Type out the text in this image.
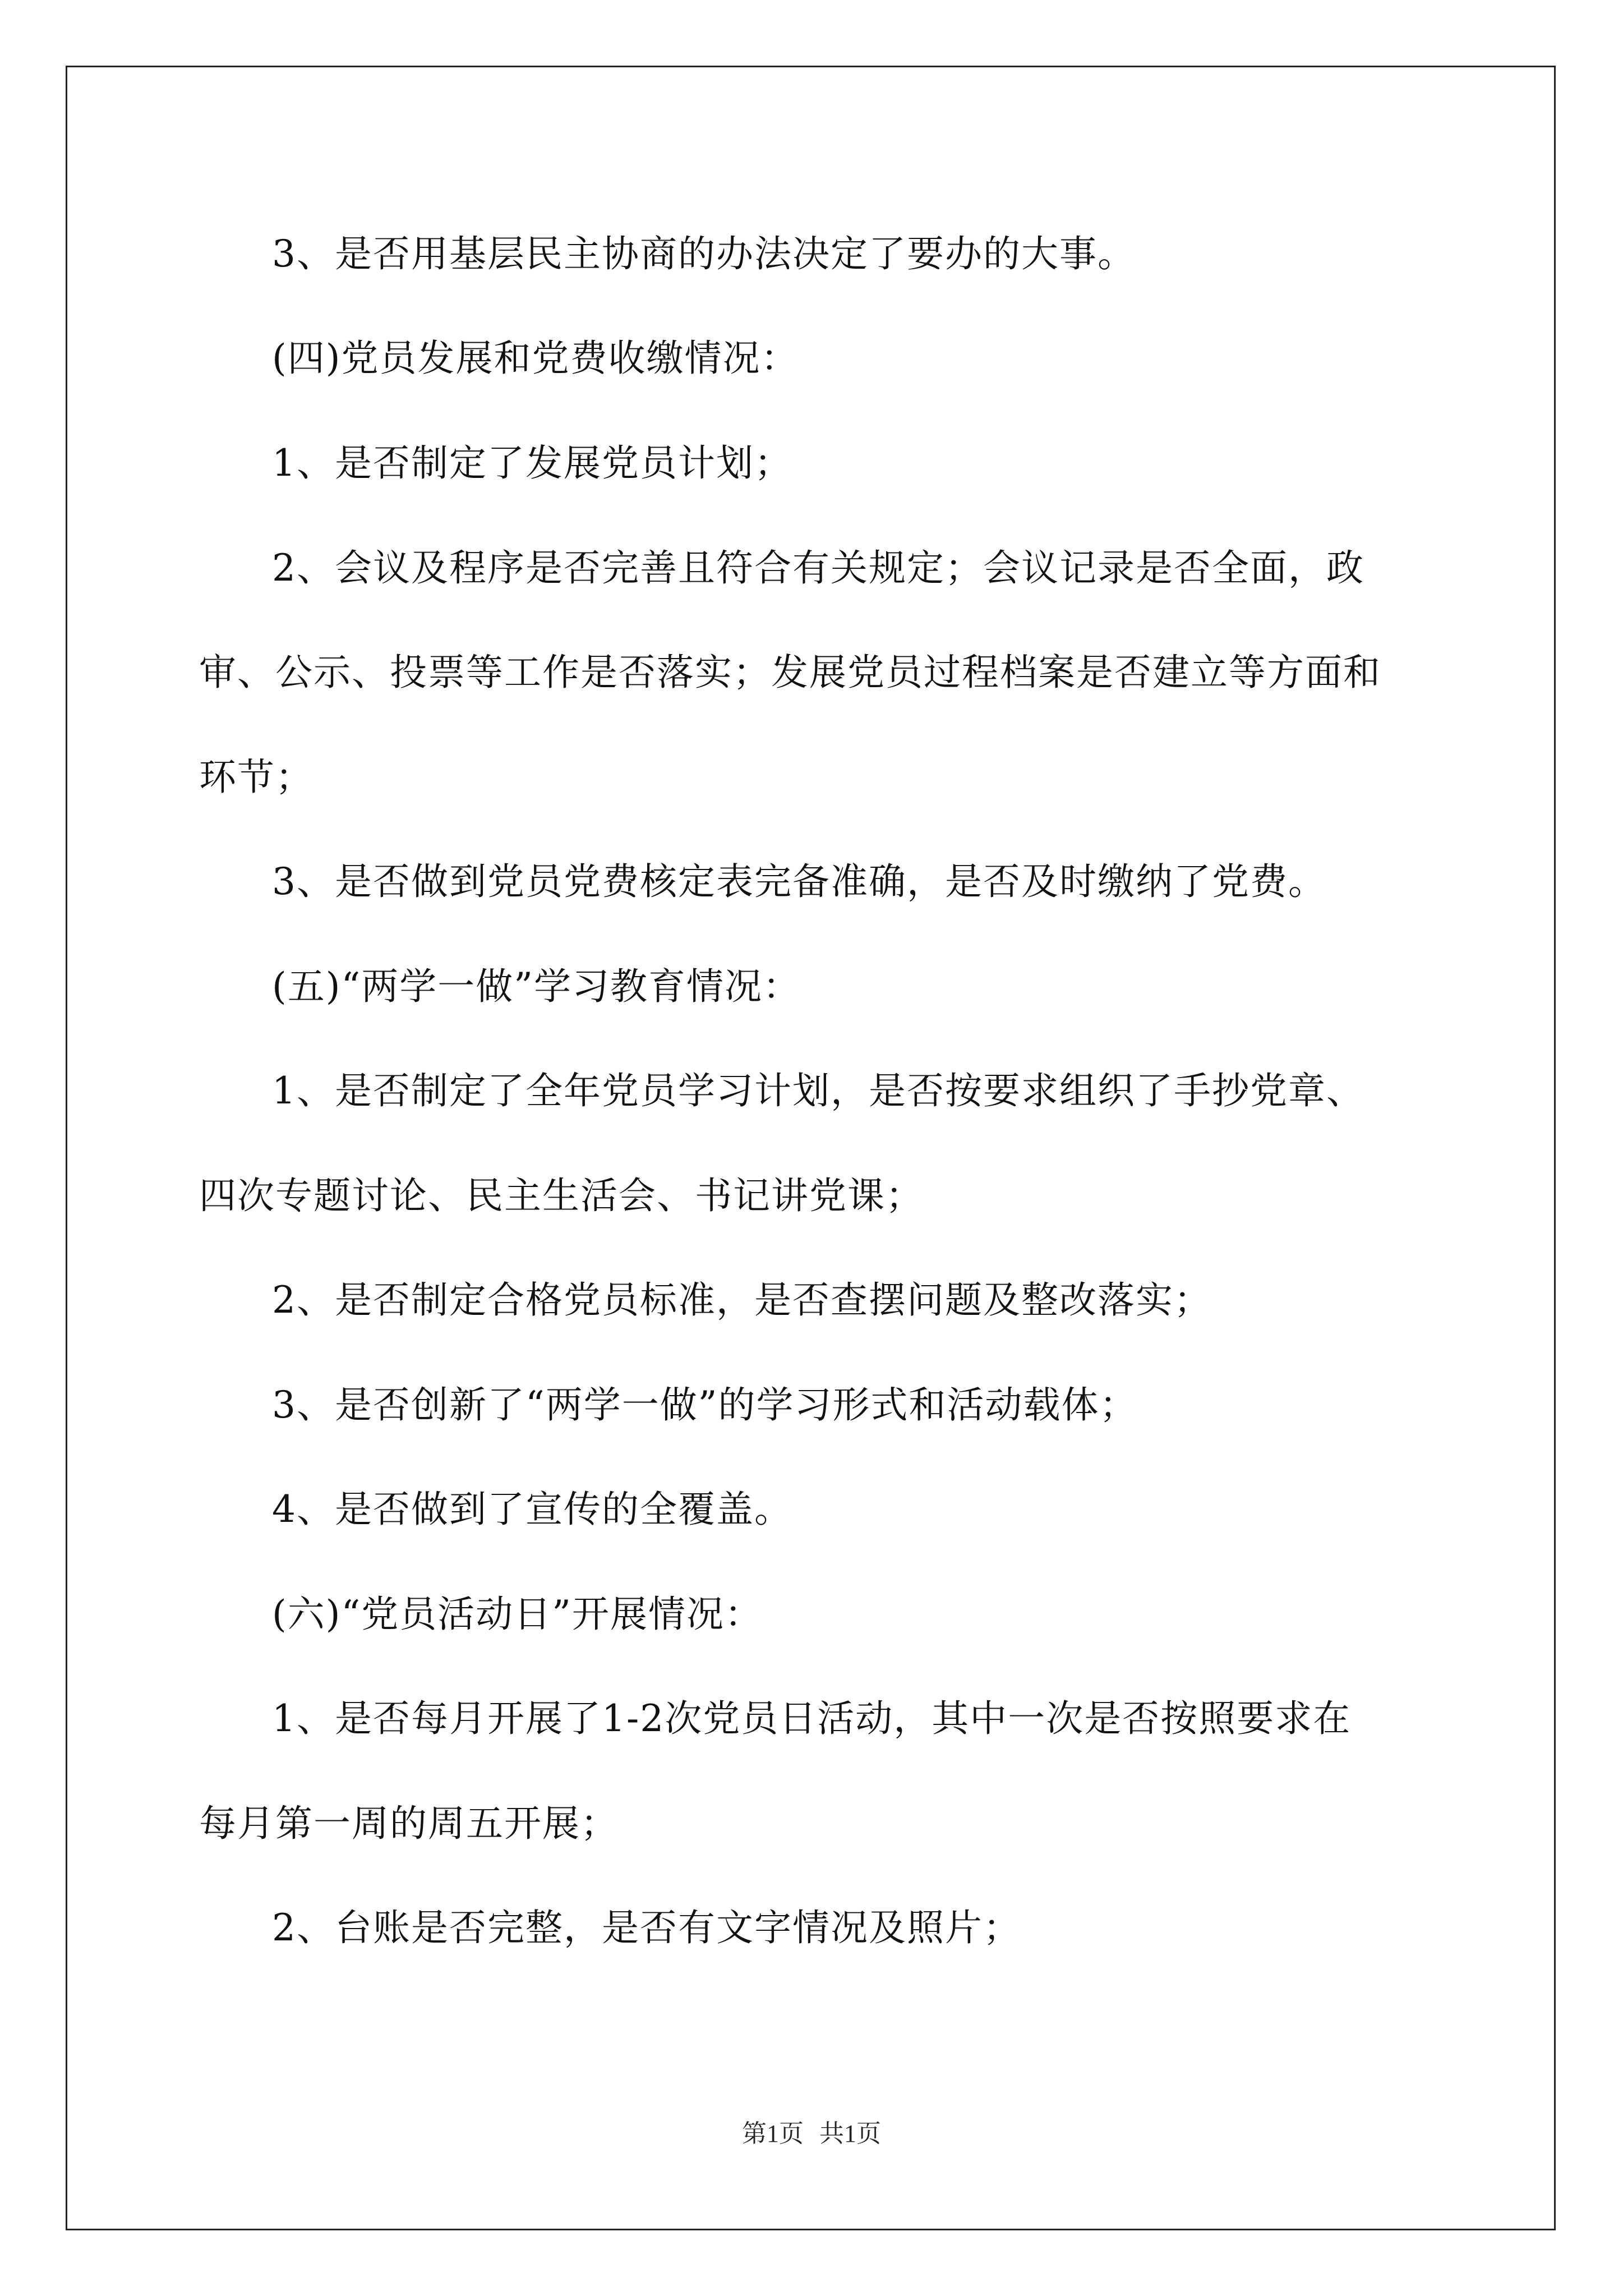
3、是否用基层民主协商的办法决定了要办的大事。
(四)党员发展和党费收缴情况：
1、是否制定了发展党员计划；
2、会议及程序是否完善且符合有关规定；会议记录是否全面，政
审、公示、投票等工作是否落实；发展党员过程档案是否建立等方面和
环节；
3、是否做到党员党费核定表完备准确，是否及时缴纳了党费。
(五)“两学一做”学习教育情况：
1、是否制定了全年党员学习计划，是否按要求组织了手抄党章、
四次专题讨论、民主生活会、书记讲党课；
2、是否制定合格党员标准，是否查摆问题及整改落实；
3、是否创新了“两学一做”的学习形式和活动载体；
4、是否做到了宣传的全覆盖。
(六)“党员活动日”开展情况：
1、是否每月开展了1-2次党员日活动，其中一次是否按照要求在
每月第一周的周五开展；
2、台账是否完整，是否有文字情况及照片；
第1页 共1页
